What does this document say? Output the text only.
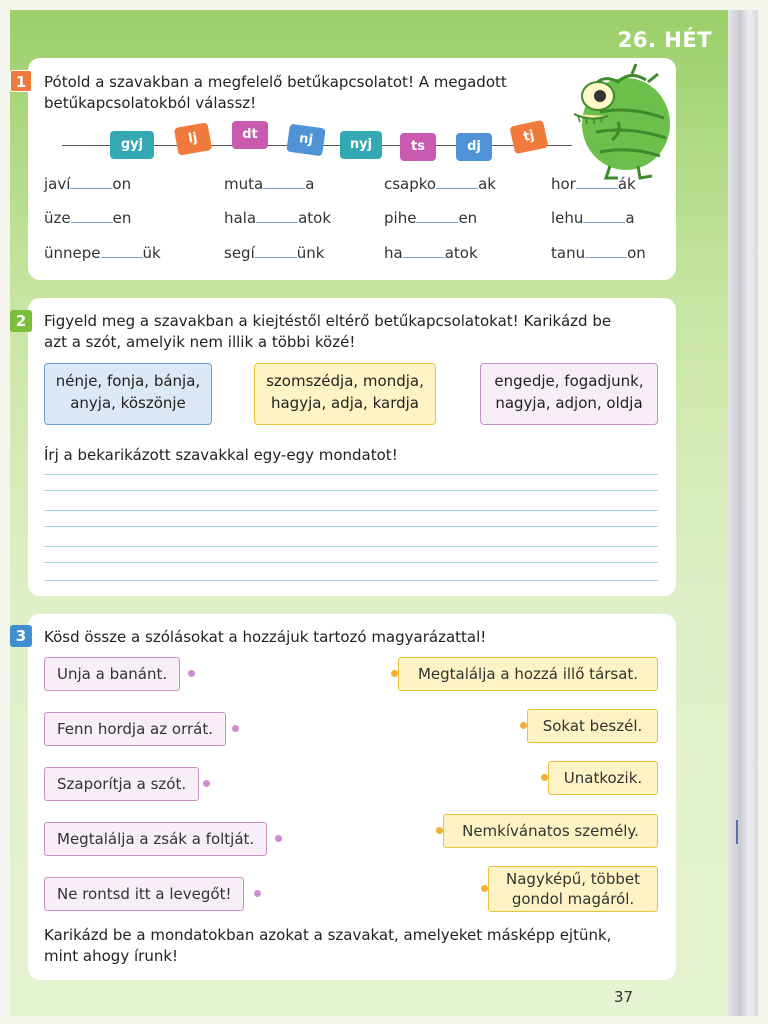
26. HÉT
1	Pótold a szavakban a megfelelő betűkapcsolatot! A megadott
betűkapcsolatokból válassz!
gyj	lj	dt	nj	nyj	ts	dj
tj
javí	on	muta	a	csapko	ak	hor	ák
üze	en	hala	atok	pihe	en	lehu	a
ünnepe	ük	segí	ünk	ha	atok	tanu	on
2	Figyeld meg a szavakban a kiejtéstől eltérő betűkapcsolatokat! Karikázd be
azt a szót, amelyik nem illik a többi közé!
nénje, fonja, bánja,
anyja, köszönje
szomszédja, mondja,
hagyja, adja, kardja
engedje, fogadjunk,
nagyja, adjon, oldja
Írj a bekarikázott szavakkal egy-egy mondatot!
3	Kösd össze a szólásokat a hozzájuk tartozó magyarázattal!
Unja a banánt.
Fenn hordja az orrát.
Szaporítja a szót.
Megtalálja a zsák a foltját.
Ne rontsd itt a levegőt!
Megtalálja a hozzá illő társat.
Sokat beszél.
Unatkozik.
Nemkívánatos személy.
Nagyképű, többet
gondol magáról.
Karikázd be a mondatokban azokat a szavakat, amelyeket másképp ejtünk,
mint ahogy írunk!
37
